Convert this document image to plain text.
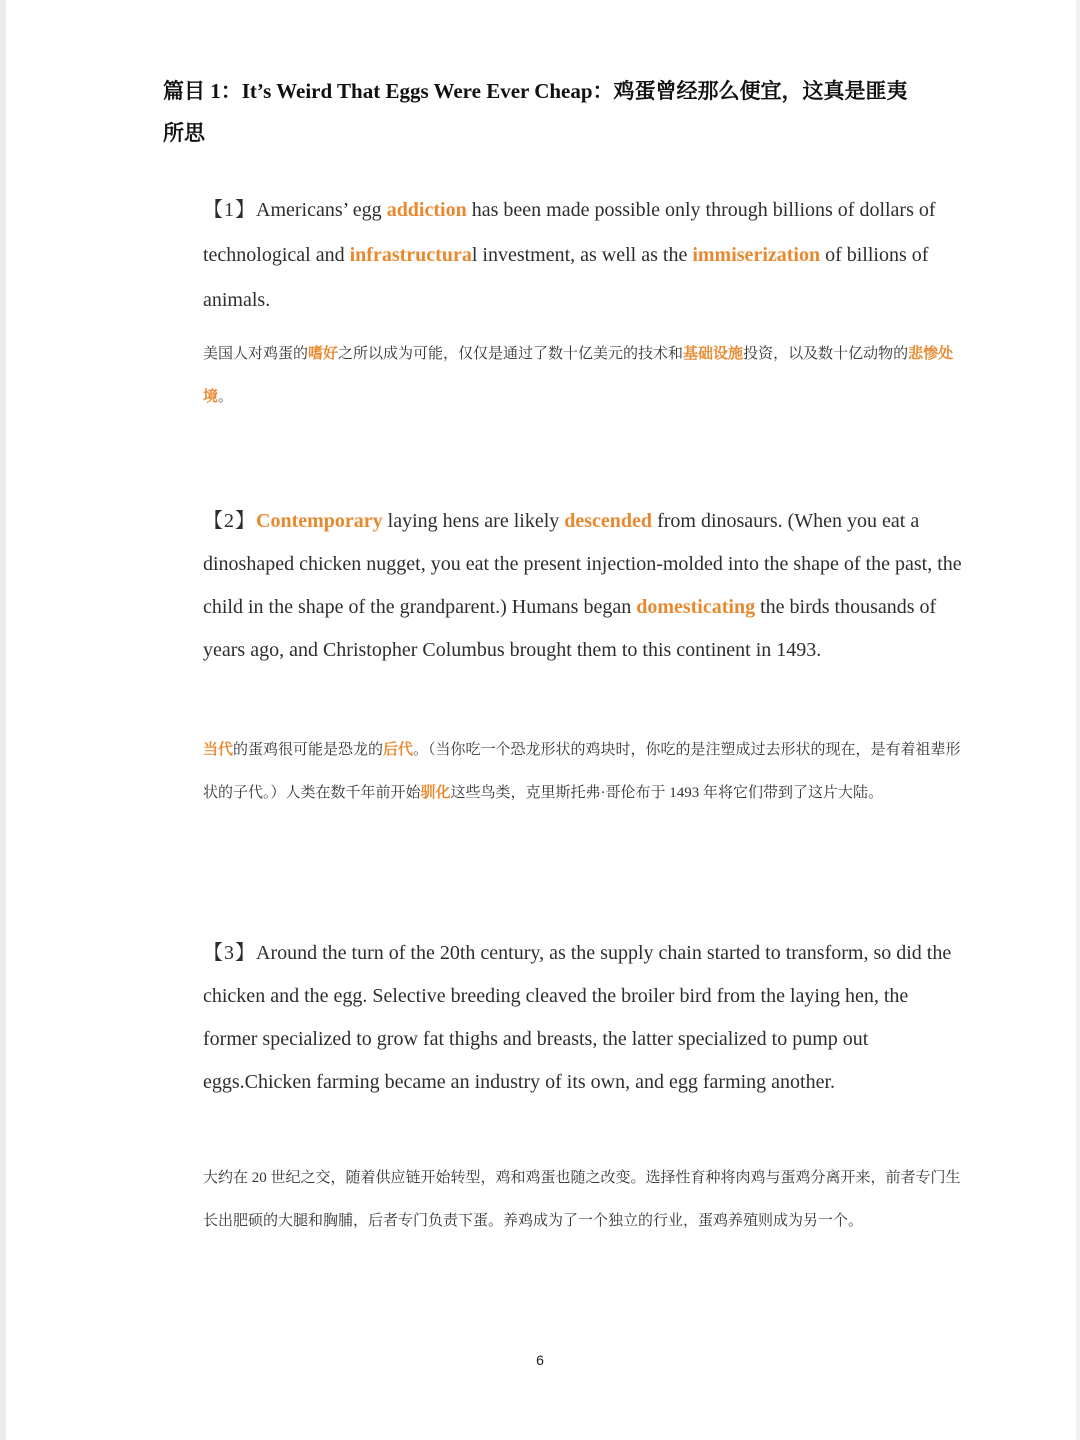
篇目 1：It’s Weird That Eggs Were Ever Cheap：鸡蛋曾经那么便宜，这真是匪夷所思

【1】Americans’ egg addiction has been made possible only through billions of dollars of technological and infrastructural investment, as well as the immiserization of billions of animals.

美国人对鸡蛋的嗜好之所以成为可能，仅仅是通过了数十亿美元的技术和基础设施投资，以及数十亿动物的悲惨处境。

【2】Contemporary laying hens are likely descended from dinosaurs. (When you eat a dinoshaped chicken nugget, you eat the present injection-molded into the shape of the past, the child in the shape of the grandparent.) Humans began domesticating the birds thousands of years ago, and Christopher Columbus brought them to this continent in 1493.

当代的蛋鸡很可能是恐龙的后代。（当你吃一个恐龙形状的鸡块时，你吃的是注塑成过去形状的现在，是有着祖辈形状的子代。）人类在数千年前开始驯化这些鸟类，克里斯托弗·哥伦布于 1493 年将它们带到了这片大陆。

【3】Around the turn of the 20th century, as the supply chain started to transform, so did the chicken and the egg. Selective breeding cleaved the broiler bird from the laying hen, the former specialized to grow fat thighs and breasts, the latter specialized to pump out eggs.Chicken farming became an industry of its own, and egg farming another.

大约在 20 世纪之交，随着供应链开始转型，鸡和鸡蛋也随之改变。选择性育种将肉鸡与蛋鸡分离开来，前者专门生长出肥硕的大腿和胸脯，后者专门负责下蛋。养鸡成为了一个独立的行业，蛋鸡养殖则成为另一个。

6
